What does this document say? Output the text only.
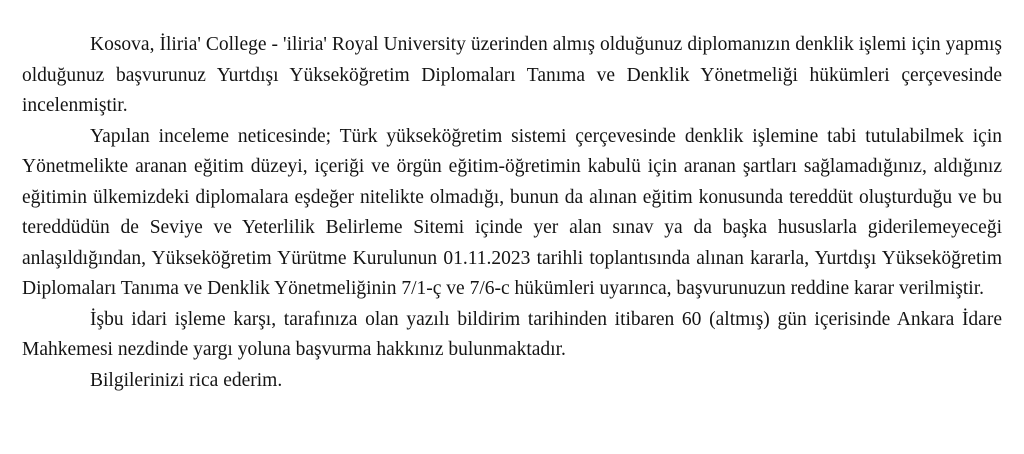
Kosova, İliria' College - 'iliria' Royal University üzerinden almış olduğunuz diplomanızın denklik işlemi için yapmış olduğunuz başvurunuz Yurtdışı Yükseköğretim Diplomaları Tanıma ve Denklik Yönetmeliği hükümleri çerçevesinde incelenmiştir.

Yapılan inceleme neticesinde; Türk yükseköğretim sistemi çerçevesinde denklik işlemine tabi tutulabilmek için Yönetmelikte aranan eğitim düzeyi, içeriği ve örgün eğitim-öğretimin kabulü için aranan şartları sağlamadığınız, aldığınız eğitimin ülkemizdeki diplomalara eşdeğer nitelikte olmadığı, bunun da alınan eğitim konusunda tereddüt oluşturduğu ve bu tereddüdün de Seviye ve Yeterlilik Belirleme Sitemi içinde yer alan sınav ya da başka hususlarla giderilemeyeceği anlaşıldığından, Yükseköğretim Yürütme Kurulunun 01.11.2023 tarihli toplantısında alınan kararla, Yurtdışı Yükseköğretim Diplomaları Tanıma ve Denklik Yönetmeliğinin 7/1-ç ve 7/6-c hükümleri uyarınca, başvurunuzun reddine karar verilmiştir.

İşbu idari işleme karşı, tarafınıza olan yazılı bildirim tarihinden itibaren 60 (altmış) gün içerisinde Ankara İdare Mahkemesi nezdinde yargı yoluna başvurma hakkınız bulunmaktadır.

Bilgilerinizi rica ederim.
